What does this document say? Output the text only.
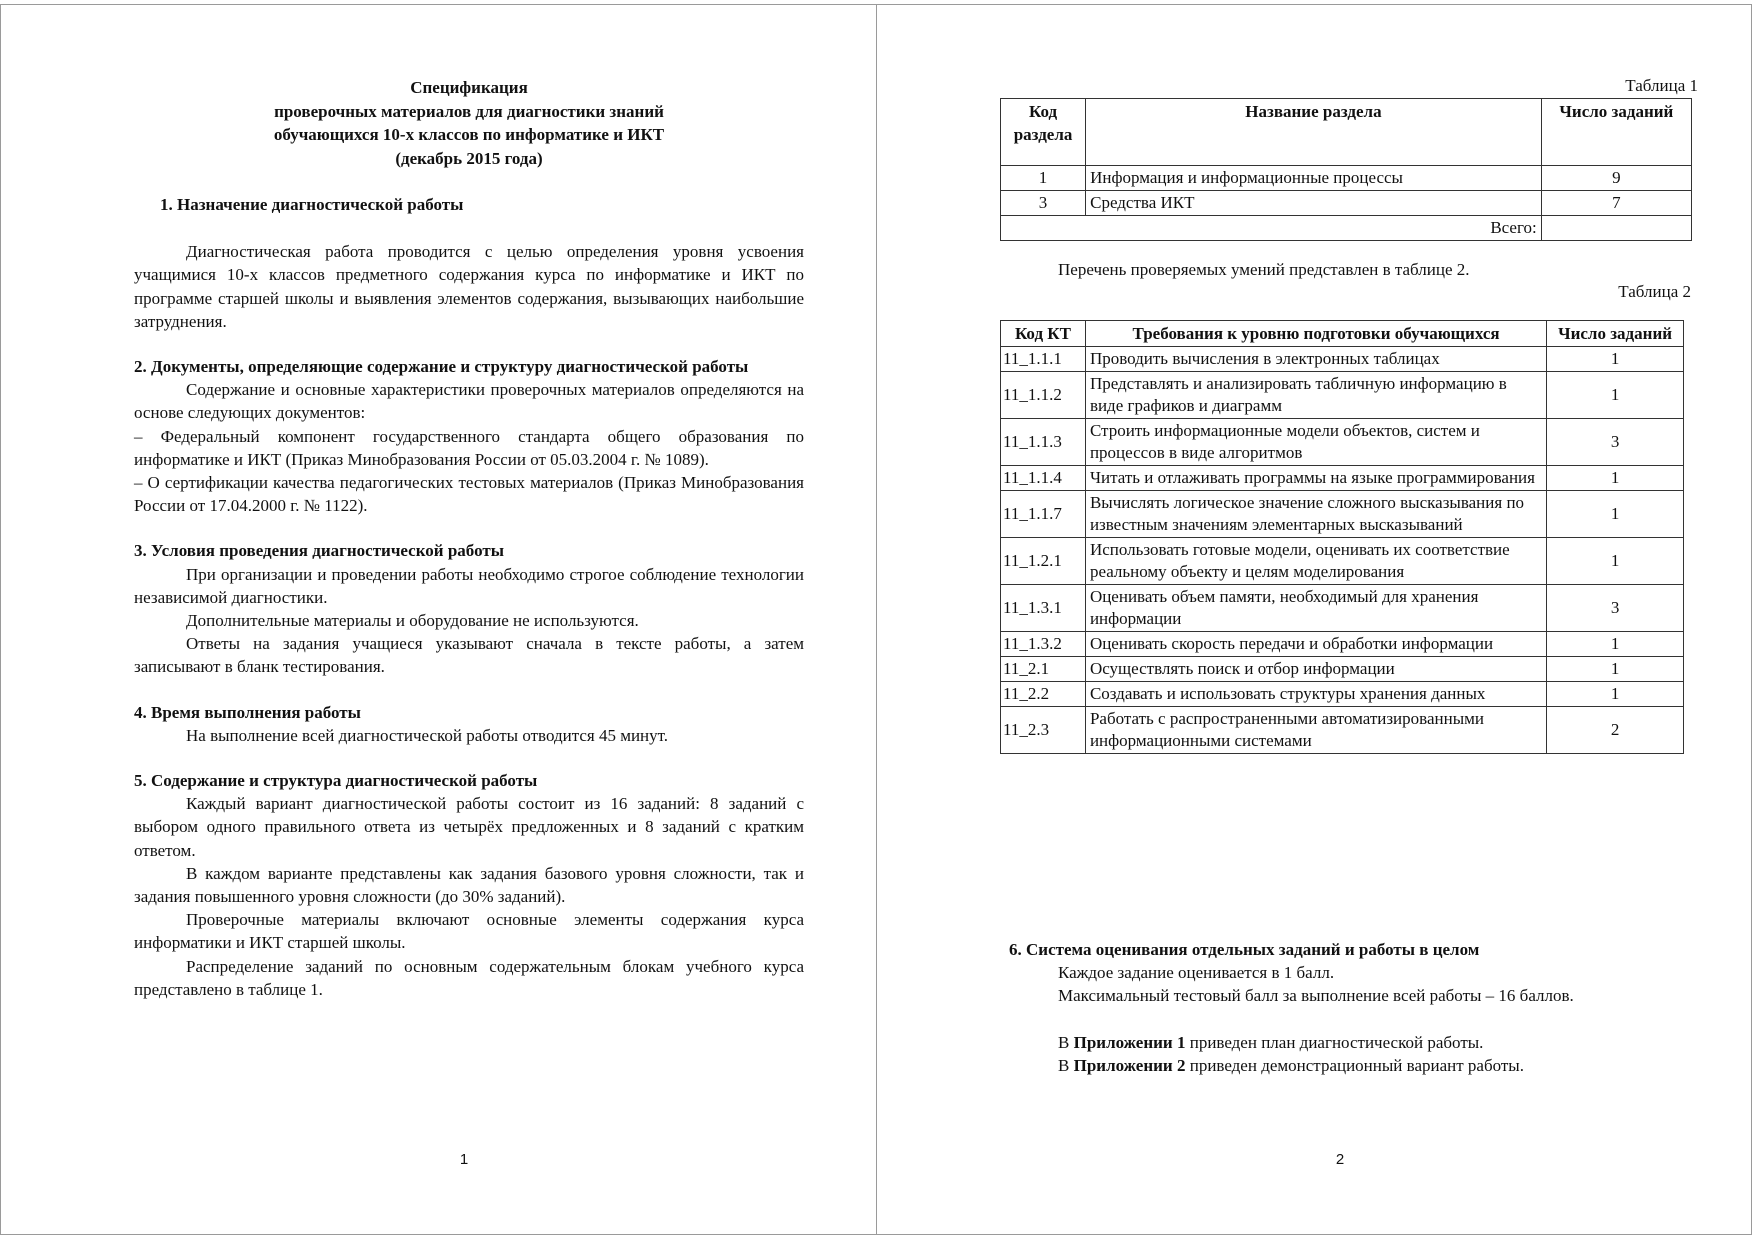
Спецификация
проверочных материалов для диагностики знаний
обучающихся 10-х классов по информатике и ИКТ
(декабрь 2015 года)

1. Назначение диагностической работы

Диагностическая работа проводится с целью определения уровня усвоения учащимися 10-х классов предметного содержания курса по информатике и ИКТ по программе старшей школы и выявления элементов содержания, вызывающих наибольшие затруднения.

2. Документы, определяющие содержание и структуру диагностической работы

Содержание и основные характеристики проверочных материалов определяются на основе следующих документов:

– Федеральный компонент государственного стандарта общего образования по информатике и ИКТ (Приказ Минобразования России от 05.03.2004 г. № 1089).

– О сертификации качества педагогических тестовых материалов (Приказ Минобразования России от 17.04.2000 г. № 1122).

3. Условия проведения диагностической работы

При организации и проведении работы необходимо строгое соблюдение технологии независимой диагностики.

Дополнительные материалы и оборудование не используются.

Ответы на задания учащиеся указывают сначала в тексте работы, а затем записывают в бланк тестирования.

4. Время выполнения работы

На выполнение всей диагностической работы отводится 45 минут.

5. Содержание и структура диагностической работы

Каждый вариант диагностической работы состоит из 16 заданий: 8 заданий с выбором одного правильного ответа из четырёх предложенных и 8 заданий с кратким ответом.

В каждом варианте представлены как задания базового уровня сложности, так и задания повышенного уровня сложности (до 30% заданий).

Проверочные материалы включают основные элементы содержания курса информатики и ИКТ старшей школы.

Распределение заданий по основным содержательным блокам учебного курса представлено в таблице 1.

1
Таблица 1
Код раздела	Название раздела	Число заданий
1	Информация и информационные процессы	9
3	Средства ИКТ	7
Всего:		

Перечень проверяемых умений представлен в таблице 2.

Таблица 2
Код КТ	Требования к уровню подготовки обучающихся	Число заданий
11_1.1.1	Проводить вычисления в электронных таблицах	1
11_1.1.2	Представлять и анализировать табличную информацию в виде графиков и диаграмм	1
11_1.1.3	Строить информационные модели объектов, систем и процессов в виде алгоритмов	3
11_1.1.4	Читать и отлаживать программы на языке программирования	1
11_1.1.7	Вычислять логическое значение сложного высказывания по известным значениям элементарных высказываний	1
11_1.2.1	Использовать готовые модели, оценивать их соответствие реальному объекту и целям моделирования	1
11_1.3.1	Оценивать объем памяти, необходимый для хранения информации	3
11_1.3.2	Оценивать скорость передачи и обработки информации	1
11_2.1	Осуществлять поиск и отбор информации	1
11_2.2	Создавать и использовать структуры хранения данных	1
11_2.3	Работать с распространенными автоматизированными информационными системами	2

6. Система оценивания отдельных заданий и работы в целом

Каждое задание оценивается в 1 балл.

Максимальный тестовый балл за выполнение всей работы – 16 баллов.

В Приложении 1 приведен план диагностической работы.

В Приложении 2 приведен демонстрационный вариант работы.

2
